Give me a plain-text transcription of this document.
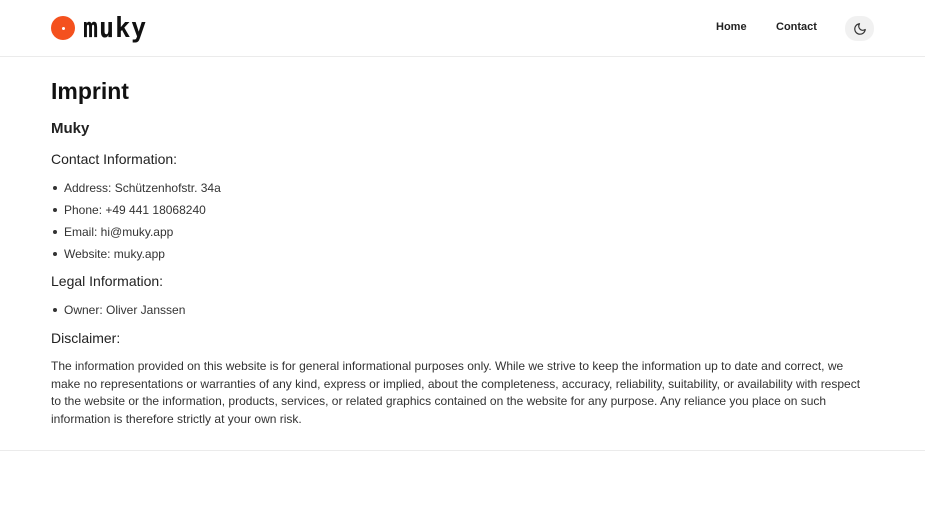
muky	Home	Contact
Imprint
Muky
Contact Information:
Address: Schützenhofstr. 34a
Phone: +49 441 18068240
Email: hi@muky.app
Website: muky.app
Legal Information:
Owner: Oliver Janssen
Disclaimer:

The information provided on this website is for general informational purposes only. While we strive to keep the information up to date and correct, we make no representations or warranties of any kind, express or implied, about the completeness, accuracy, reliability, suitability, or availability with respect to the website or the information, products, services, or related graphics contained on the website for any purpose. Any reliance you place on such information is therefore strictly at your own risk.
